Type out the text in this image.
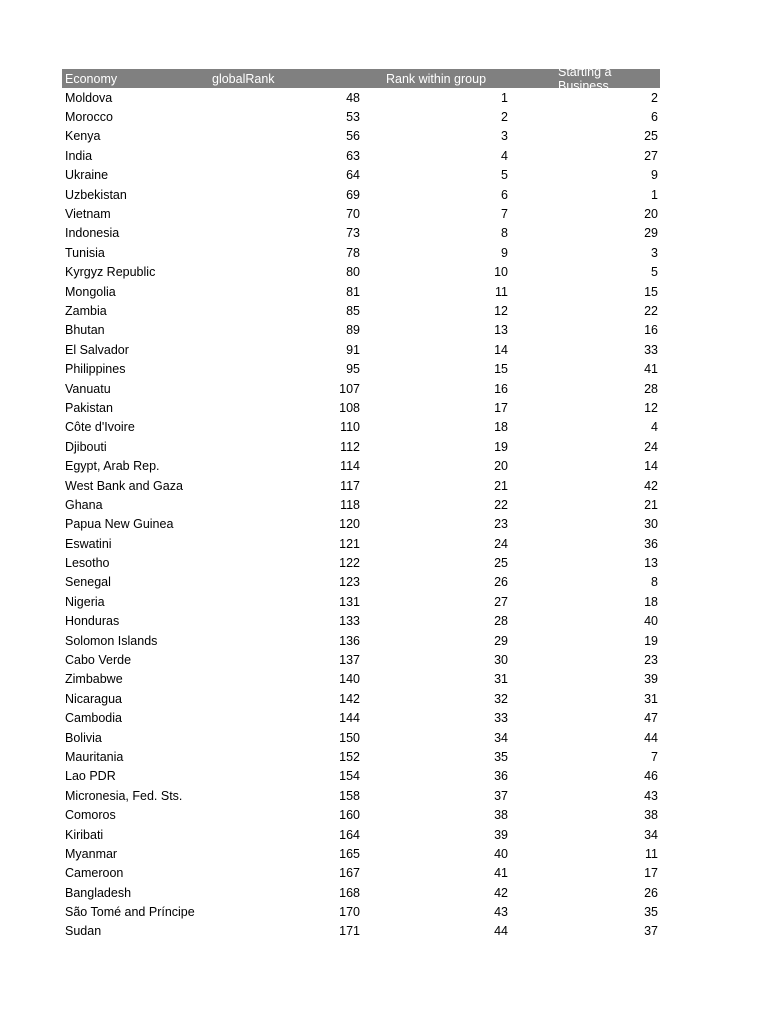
Economy	globalRank	Rank within group	Starting a Business
Moldova	48	1	2
Morocco	53	2	6
Kenya	56	3	25
India	63	4	27
Ukraine	64	5	9
Uzbekistan	69	6	1
Vietnam	70	7	20
Indonesia	73	8	29
Tunisia	78	9	3
Kyrgyz Republic	80	10	5
Mongolia	81	11	15
Zambia	85	12	22
Bhutan	89	13	16
El Salvador	91	14	33
Philippines	95	15	41
Vanuatu	107	16	28
Pakistan	108	17	12
Côte d'Ivoire	110	18	4
Djibouti	112	19	24
Egypt, Arab Rep.	114	20	14
West Bank and Gaza	117	21	42
Ghana	118	22	21
Papua New Guinea	120	23	30
Eswatini	121	24	36
Lesotho	122	25	13
Senegal	123	26	8
Nigeria	131	27	18
Honduras	133	28	40
Solomon Islands	136	29	19
Cabo Verde	137	30	23
Zimbabwe	140	31	39
Nicaragua	142	32	31
Cambodia	144	33	47
Bolivia	150	34	44
Mauritania	152	35	7
Lao PDR	154	36	46
Micronesia, Fed. Sts.	158	37	43
Comoros	160	38	38
Kiribati	164	39	34
Myanmar	165	40	11
Cameroon	167	41	17
Bangladesh	168	42	26
São Tomé and Príncipe	170	43	35
Sudan	171	44	37
